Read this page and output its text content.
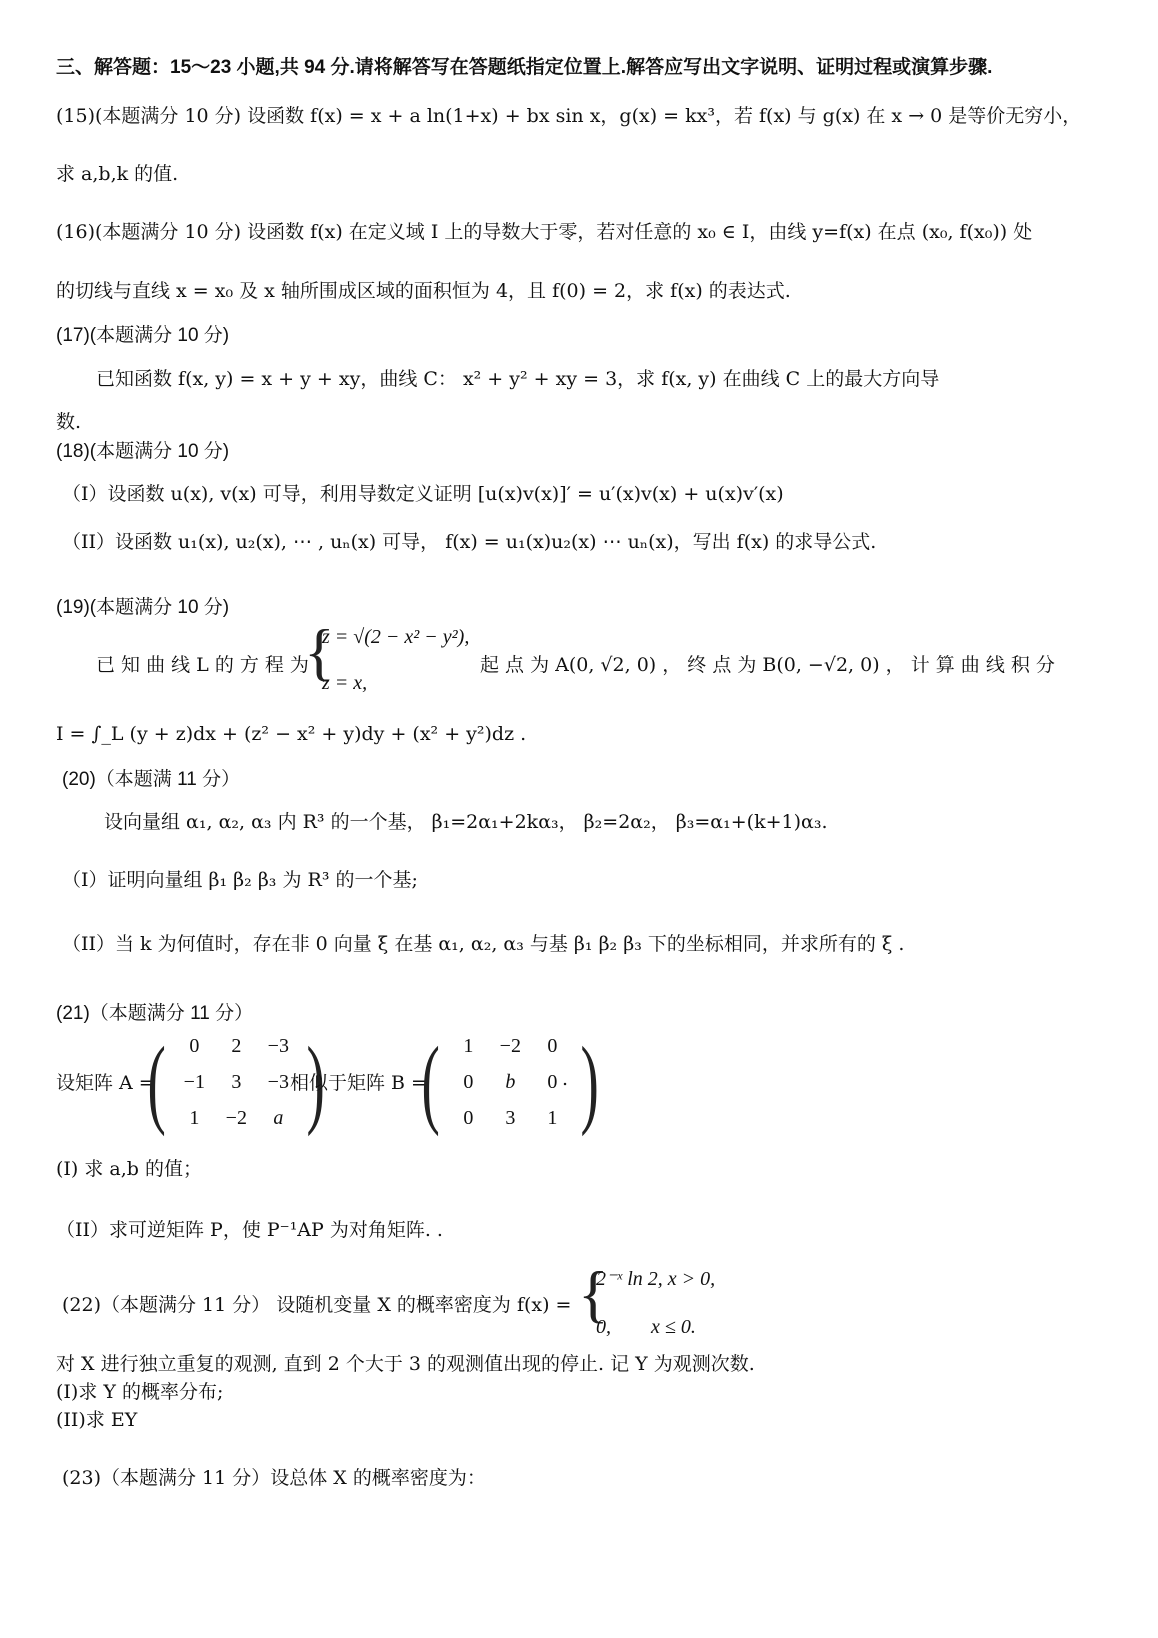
三、解答题：15～23 小题,共 94 分.请将解答写在答题纸指定位置上.解答应写出文字说明、证明过程或演算步骤.
(15)(本题满分 10 分) 设函数 f(x) = x + a ln(1+x) + bx sin x，g(x) = kx³，若 f(x) 与 g(x) 在 x → 0 是等价无穷小，
求 a,b,k 的值.
(16)(本题满分 10 分) 设函数 f(x) 在定义域 I 上的导数大于零，若对任意的 x₀ ∈ I，由线 y=f(x) 在点 (x₀, f(x₀)) 处
的切线与直线 x = x₀ 及 x 轴所围成区域的面积恒为 4，且 f(0) = 2，求 f(x) 的表达式.
(17)(本题满分 10 分)
已知函数 f(x, y) = x + y + xy，曲线 C： x² + y² + xy = 3，求 f(x, y) 在曲线 C 上的最大方向导
数.
(18)(本题满分 10 分)
（I）设函数 u(x), v(x) 可导，利用导数定义证明 [u(x)v(x)]′ = u′(x)v(x) + u(x)v′(x)
（II）设函数 u₁(x), u₂(x), ⋯ , uₙ(x) 可导， f(x) = u₁(x)u₂(x) ⋯ uₙ(x)，写出 f(x) 的求导公式.
(19)(本题满分 10 分)
已 知 曲 线 L 的 方 程 为
{
z = √(2 − x² − y²),
z = x,
起 点 为 A(0, √2, 0) ， 终 点 为 B(0, −√2, 0) ， 计 算 曲 线 积 分
I = ∫_L (y + z)dx + (z² − x² + y)dy + (x² + y²)dz .
(20)（本题满 11 分）
设向量组 α₁, α₂, α₃ 内 R³ 的一个基， β₁=2α₁+2kα₃， β₂=2α₂， β₃=α₁+(k+1)α₃.
（I）证明向量组 β₁ β₂ β₃ 为 R³ 的一个基;
（II）当 k 为何值时，存在非 0 向量 ξ 在基 α₁, α₂, α₃ 与基 β₁ β₂ β₃ 下的坐标相同，并求所有的 ξ .
(21)（本题满分 11 分）
设矩阵 A =
(	0	2	−3
−1	3	−3
1	−2	a )
相似于矩阵 B =
(	1	−2	0
0	b	0
0	3	1 )
.
(I) 求 a,b 的值；
（II）求可逆矩阵 P，使 P⁻¹AP 为对角矩阵. .
(22)（本题满分 11 分） 设随机变量 X 的概率密度为 f(x) = {
2⁻ˣ ln 2, x > 0,
0,        x ≤ 0.
对 X 进行独立重复的观测, 直到 2 个大于 3 的观测值出现的停止. 记 Y 为观测次数.
(I)求 Y 的概率分布;
(II)求 EY
(23)（本题满分 11 分）设总体 X 的概率密度为：
